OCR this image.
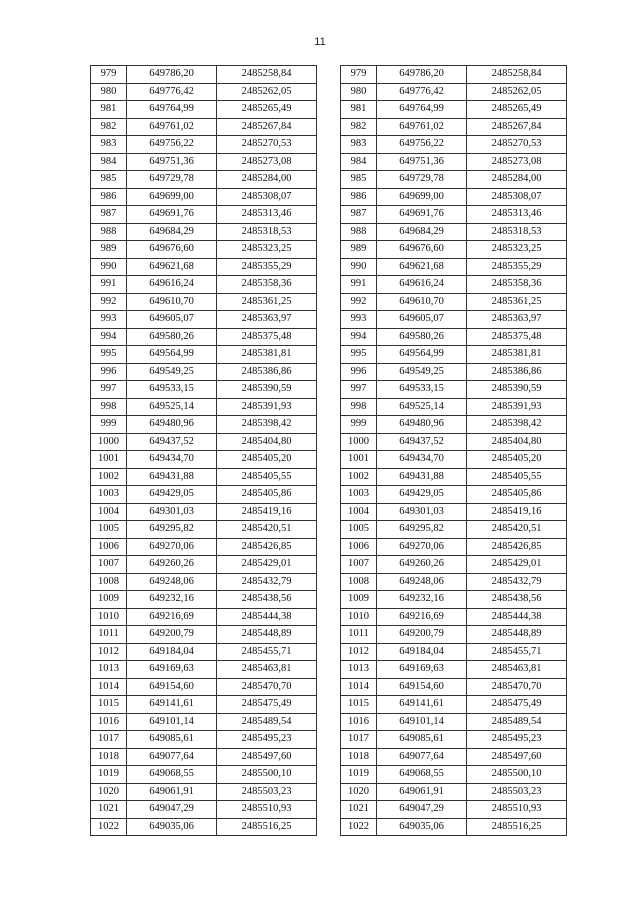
11
979	649786,20	2485258,84		979	649786,20	2485258,84
980	649776,42	2485262,05		980	649776,42	2485262,05
981	649764,99	2485265,49		981	649764,99	2485265,49
982	649761,02	2485267,84		982	649761,02	2485267,84
983	649756,22	2485270,53		983	649756,22	2485270,53
984	649751,36	2485273,08		984	649751,36	2485273,08
985	649729,78	2485284,00		985	649729,78	2485284,00
986	649699,00	2485308,07		986	649699,00	2485308,07
987	649691,76	2485313,46		987	649691,76	2485313,46
988	649684,29	2485318,53		988	649684,29	2485318,53
989	649676,60	2485323,25		989	649676,60	2485323,25
990	649621,68	2485355,29		990	649621,68	2485355,29
991	649616,24	2485358,36		991	649616,24	2485358,36
992	649610,70	2485361,25		992	649610,70	2485361,25
993	649605,07	2485363,97		993	649605,07	2485363,97
994	649580,26	2485375,48		994	649580,26	2485375,48
995	649564,99	2485381,81		995	649564,99	2485381,81
996	649549,25	2485386,86		996	649549,25	2485386,86
997	649533,15	2485390,59		997	649533,15	2485390,59
998	649525,14	2485391,93		998	649525,14	2485391,93
999	649480,96	2485398,42		999	649480,96	2485398,42
1000	649437,52	2485404,80		1000	649437,52	2485404,80
1001	649434,70	2485405,20		1001	649434,70	2485405,20
1002	649431,88	2485405,55		1002	649431,88	2485405,55
1003	649429,05	2485405,86		1003	649429,05	2485405,86
1004	649301,03	2485419,16		1004	649301,03	2485419,16
1005	649295,82	2485420,51		1005	649295,82	2485420,51
1006	649270,06	2485426,85		1006	649270,06	2485426,85
1007	649260,26	2485429,01		1007	649260,26	2485429,01
1008	649248,06	2485432,79		1008	649248,06	2485432,79
1009	649232,16	2485438,56		1009	649232,16	2485438,56
1010	649216,69	2485444,38		1010	649216,69	2485444,38
1011	649200,79	2485448,89		1011	649200,79	2485448,89
1012	649184,04	2485455,71		1012	649184,04	2485455,71
1013	649169,63	2485463,81		1013	649169,63	2485463,81
1014	649154,60	2485470,70		1014	649154,60	2485470,70
1015	649141,61	2485475,49		1015	649141,61	2485475,49
1016	649101,14	2485489,54		1016	649101,14	2485489,54
1017	649085,61	2485495,23		1017	649085,61	2485495,23
1018	649077,64	2485497,60		1018	649077,64	2485497,60
1019	649068,55	2485500,10		1019	649068,55	2485500,10
1020	649061,91	2485503,23		1020	649061,91	2485503,23
1021	649047,29	2485510,93		1021	649047,29	2485510,93
1022	649035,06	2485516,25		1022	649035,06	2485516,25
